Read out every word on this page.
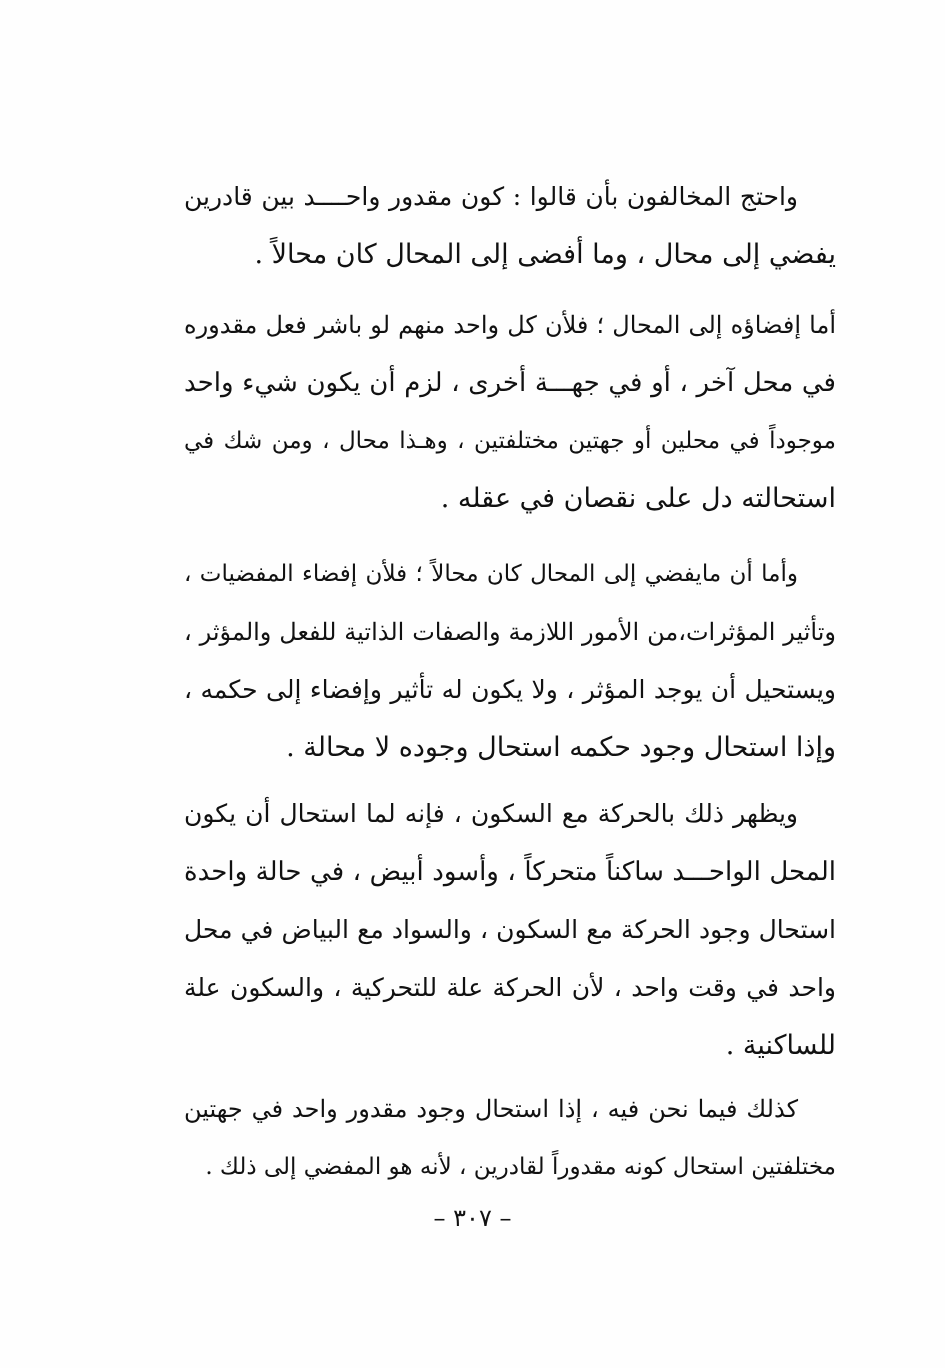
واحتج المخالفون بأن قالوا : كون مقدور واحــــد بين قادرين
يفضي إلى محال ، وما أفضى إلى المحال كان محالاً .
أما إفضاؤه إلى المحال ؛ فلأن كل واحد منهم لو باشر فعل مقدوره
في محل آخر ، أو في جهـــة أخرى ، لزم أن يكون شيء واحد
موجوداً في محلين أو جهتين مختلفتين ، وهـذا محال ، ومن شك في
استحالته دل على نقصان في عقله .
وأما أن مايفضي إلى المحال كان محالاً ؛ فلأن إفضاء المفضيات ،
وتأثير المؤثرات،من الأمور اللازمة والصفات الذاتية للفعل والمؤثر ،
ويستحيل أن يوجد المؤثر ، ولا يكون له تأثير وإفضاء إلى حكمه ،
وإذا استحال وجود حكمه استحال وجوده لا محالة .
ويظهر ذلك بالحركة مع السكون ، فإنه لما استحال أن يكون
المحل الواحـــد ساكناً متحركاً ، وأسود أبيض ، في حالة واحدة
استحال وجود الحركة مع السكون ، والسواد مع البياض في محل
واحد في وقت واحد ، لأن الحركة علة للتحركية ، والسكون علة
للساكنية .
كذلك فيما نحن فيه ، إذا استحال وجود مقدور واحد في جهتين
مختلفتين استحال كونه مقدوراً لقادرين ، لأنه هو المفضي إلى ذلك .
– ٣٠٧ –
